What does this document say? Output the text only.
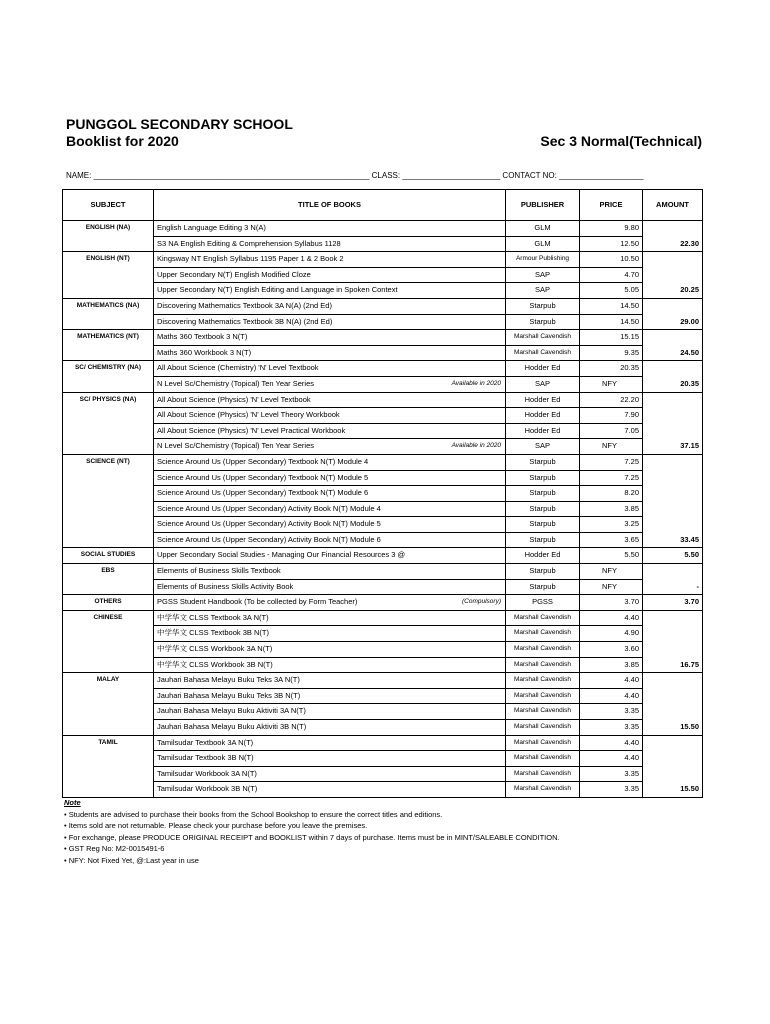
PUNGGOL SECONDARY SCHOOL
Booklist for 2020	Sec 3 Normal(Technical)
NAME: ______________________________________________________________ CLASS: ______________________ CONTACT NO: ___________________
SUBJECT	TITLE OF BOOKS	PUBLISHER	PRICE	AMOUNT
ENGLISH (NA)	English Language Editing 3 N(A)	GLM	9.80	22.30
	S3 NA English Editing & Comprehension Syllabus 1128	GLM	12.50	
ENGLISH (NT)	Kingsway NT English Syllabus 1195 Paper 1 & 2 Book 2	Armour Publishing	10.50	20.25
	Upper Secondary N(T) English Modified Cloze	SAP	4.70	
	Upper Secondary N(T) English Editing and Language in Spoken Context	SAP	5.05	
MATHEMATICS (NA)	Discovering Mathematics Textbook 3A N(A) (2nd Ed)	Starpub	14.50	29.00
	Discovering Mathematics Textbook 3B N(A) (2nd Ed)	Starpub	14.50	
MATHEMATICS (NT)	Maths 360 Textbook 3 N(T)	Marshall Cavendish	15.15	24.50
	Maths 360 Workbook 3 N(T)	Marshall Cavendish	9.35	
SC/ CHEMISTRY (NA)	All About Science (Chemistry) 'N' Level Textbook	Hodder Ed	20.35	20.35
	N Level Sc/Chemistry (Topical) Ten Year Series Available in 2020	SAP	NFY	
SC/ PHYSICS (NA)	All About Science (Physics) 'N' Level Textbook	Hodder Ed	22.20	37.15
	All About Science (Physics) 'N' Level Theory Workbook	Hodder Ed	7.90	
	All About Science (Physics) 'N' Level Practical Workbook	Hodder Ed	7.05	
	N Level Sc/Chemistry (Topical) Ten Year Series Available in 2020	SAP	NFY	
SCIENCE (NT)	Science Around Us (Upper Secondary) Textbook N(T) Module 4	Starpub	7.25	33.45
	Science Around Us (Upper Secondary) Textbook N(T) Module 5	Starpub	7.25	
	Science Around Us (Upper Secondary) Textbook N(T) Module 6	Starpub	8.20	
	Science Around Us (Upper Secondary) Activity Book N(T) Module 4	Starpub	3.85	
	Science Around Us (Upper Secondary) Activity Book N(T) Module 5	Starpub	3.25	
	Science Around Us (Upper Secondary) Activity Book N(T) Module 6	Starpub	3.65	
SOCIAL STUDIES	Upper Secondary Social Studies - Managing Our Financial Resources 3 @	Hodder Ed	5.50	5.50
EBS	Elements of Business Skills Textbook	Starpub	NFY	-
	Elements of Business Skills Activity Book	Starpub	NFY	
OTHERS	PGSS Student Handbook (To be collected by Form Teacher) (Compulsory)	PGSS	3.70	3.70
CHINESE	中学华文 CLSS Textbook 3A N(T)	Marshall Cavendish	4.40	16.75
	中学华文 CLSS Textbook 3B N(T)	Marshall Cavendish	4.90	
	中学华文 CLSS Workbook 3A N(T)	Marshall Cavendish	3.60	
	中学华文 CLSS Workbook 3B N(T)	Marshall Cavendish	3.85	
MALAY	Jauhari Bahasa Melayu Buku Teks 3A N(T)	Marshall Cavendish	4.40	15.50
	Jauhari Bahasa Melayu Buku Teks 3B N(T)	Marshall Cavendish	4.40	
	Jauhari Bahasa Melayu Buku Aktiviti 3A N(T)	Marshall Cavendish	3.35	
	Jauhari Bahasa Melayu Buku Aktiviti 3B N(T)	Marshall Cavendish	3.35	
TAMIL	Tamilsudar Textbook 3A N(T)	Marshall Cavendish	4.40	15.50
	Tamilsudar Textbook 3B N(T)	Marshall Cavendish	4.40	
	Tamilsudar Workbook 3A N(T)	Marshall Cavendish	3.35	
	Tamilsudar Workbook 3B N(T)	Marshall Cavendish	3.35	
Note
• Students are advised to purchase their books from the School Bookshop to ensure the correct titles and editions.
• Items sold are not returnable. Please check your purchase before you leave the premises.
• For exchange, please PRODUCE ORIGINAL RECEIPT and BOOKLIST within 7 days of purchase. Items must be in MINT/SALEABLE CONDITION.
• GST Reg No: M2-0015491-6
• NFY: Not Fixed Yet, @:Last year in use
